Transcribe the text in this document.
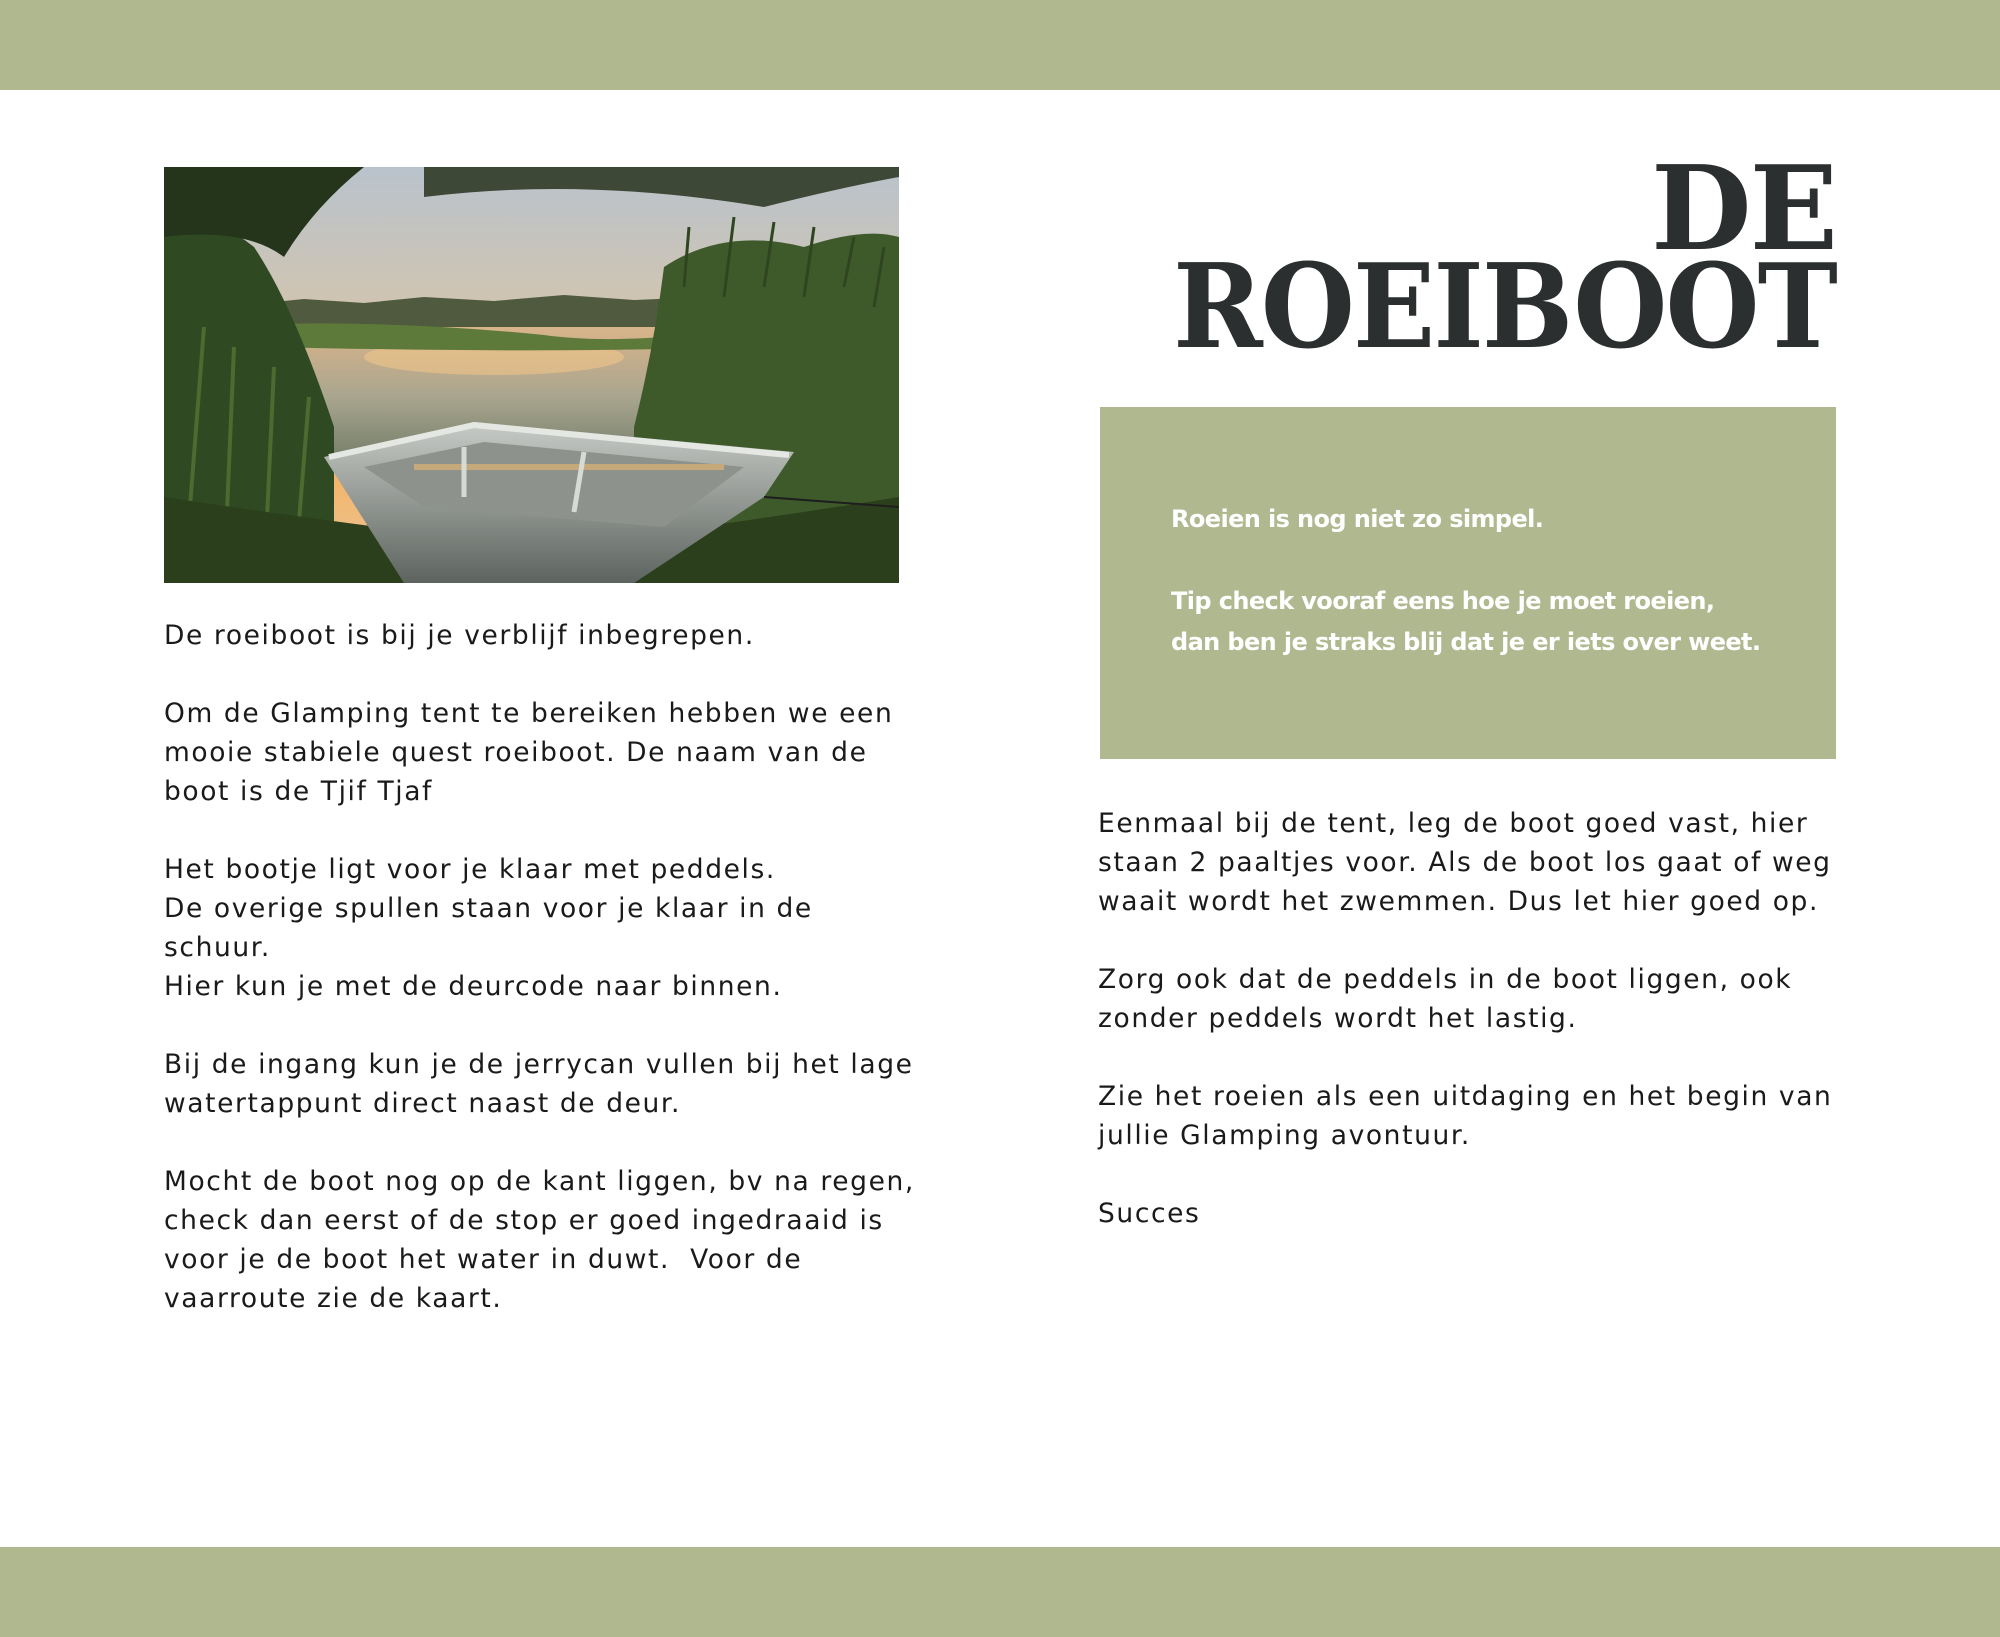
De roeiboot is bij je verblijf inbegrepen.

Om de Glamping tent te bereiken hebben we een
mooie stabiele quest roeiboot. De naam van de
boot is de Tjif Tjaf

Het bootje ligt voor je klaar met peddels.
De overige spullen staan voor je klaar in de schuur.
Hier kun je met de deurcode naar binnen.

Bij de ingang kun je de jerrycan vullen bij het lage
watertappunt direct naast de deur.

Mocht de boot nog op de kant liggen, bv na regen,
check dan eerst of de stop er goed ingedraaid is
voor je de boot het water in duwt.  Voor de
vaarroute zie de kaart.

DE
ROEIBOOT

Roeien is nog niet zo simpel.

Tip check vooraf eens hoe je moet roeien,
dan ben je straks blij dat je er iets over weet.

Eenmaal bij de tent, leg de boot goed vast, hier
staan 2 paaltjes voor. Als de boot los gaat of weg
waait wordt het zwemmen. Dus let hier goed op.

Zorg ook dat de peddels in de boot liggen, ook
zonder peddels wordt het lastig.

Zie het roeien als een uitdaging en het begin van
jullie Glamping avontuur.

Succes
